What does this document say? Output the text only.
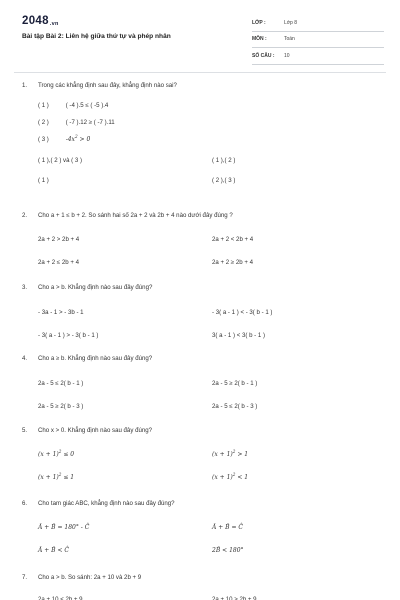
2048.vn
Bài tập Bài 2: Liên hệ giữa thứ tự và phép nhân
LỚP :	Lớp 8
MÔN :	Toán
SỐ CÂU :	10
1. Trong các khẳng định sau đây, khẳng định nào sai?
( 1 )	( -4 ).5 ≤ ( -5 ).4
( 2 )	( -7 ).12 ≥ ( -7 ).11
( 3 )	$-4x^2 > 0$
( 1 ),( 2 ) và ( 3 )	( 1 ),( 2 )
( 1 )	( 2 ),( 3 )
2. Cho a + 1 ≤ b + 2. So sánh hai số 2a + 2 và 2b + 4 nào dưới đây đúng ?
2a + 2 > 2b + 4	2a + 2 < 2b + 4
2a + 2 ≤ 2b + 4	2a + 2 ≥ 2b + 4
3. Cho a > b. Khẳng định nào sau đây đúng?
- 3a - 1 > - 3b - 1	- 3( a - 1 ) < - 3( b - 1 )
- 3( a - 1 ) > - 3( b - 1 )	3( a - 1 ) < 3( b - 1 )
4. Cho a ≥ b. Khẳng định nào sau đây đúng?
2a - 5 ≤ 2( b - 1 )	2a - 5 ≥ 2( b - 1 )
2a - 5 ≥ 2( b - 3 )	2a - 5 ≤ 2( b - 3 )
5. Cho x > 0. Khẳng định nào sau đây đúng?
$(x + 1)^2 \le 0$	$(x + 1)^2 > 1$
$(x + 1)^2 \le 1$	$(x + 1)^2 < 1$
6. Cho tam giác ABC, khẳng định nào sau đây đúng?
Â + B̂ = 180° - Ĉ	Â + B̂ = Ĉ
Â + B̂ < Ĉ	2B̂ < 180°
7. Cho a > b. So sánh: 2a + 10 và 2b + 9
2a + 10 < 2b + 9	2a + 10 > 2b + 9
